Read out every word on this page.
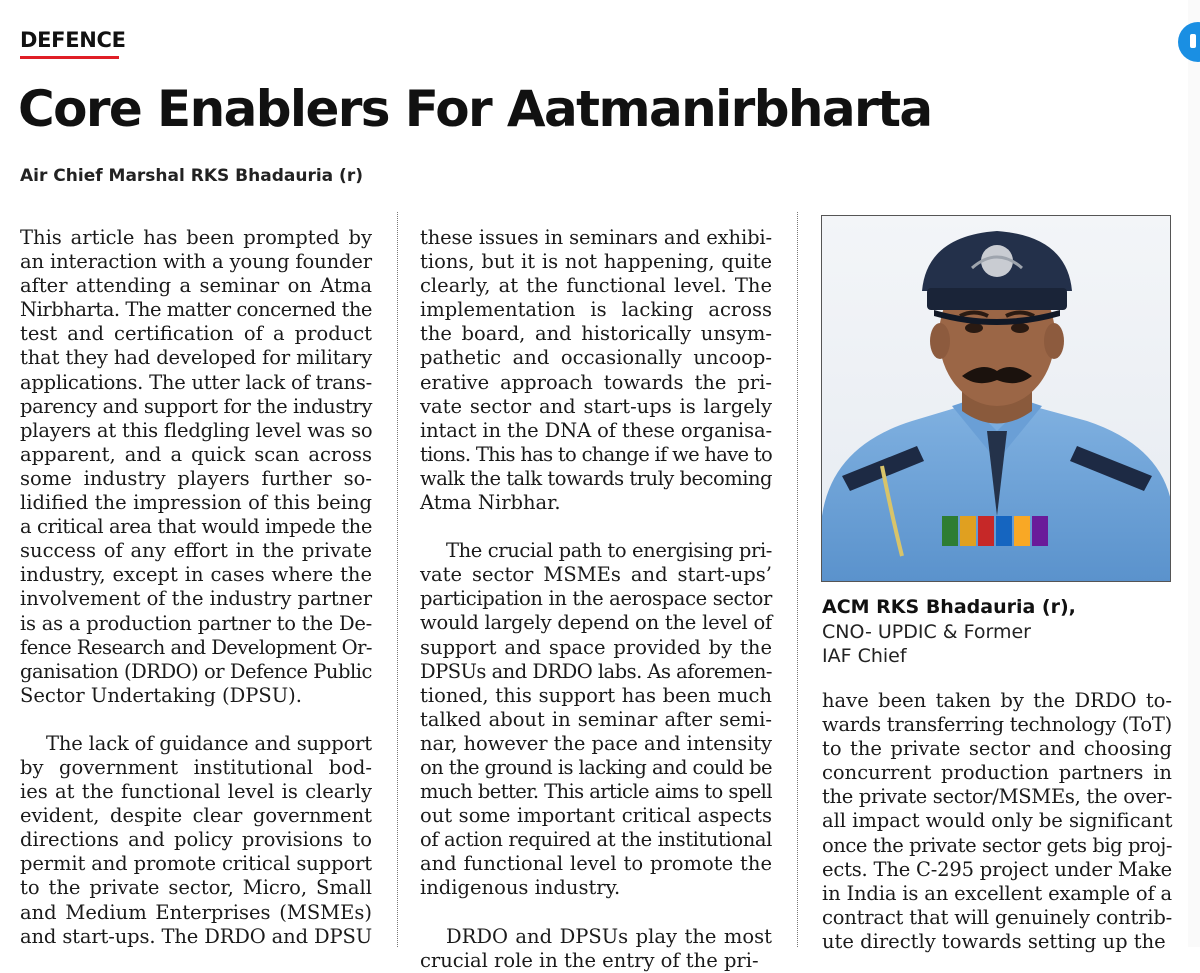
DEFENCE
Core Enablers For Aatmanirbharta
Air Chief Marshal RKS Bhadauria (r)

This article has been prompted by
an interaction with a young founder
after attending a seminar on Atma
Nirbharta. The matter concerned the
test and certification of a product
that they had developed for military
applications. The utter lack of trans-
parency and support for the industry
players at this fledgling level was so
apparent, and a quick scan across
some industry players further so-
lidified the impression of this being
a critical area that would impede the
success of any effort in the private
industry, except in cases where the
involvement of the industry partner
is as a production partner to the De-
fence Research and Development Or-
ganisation (DRDO) or Defence Public
Sector Undertaking (DPSU).

The lack of guidance and support
by government institutional bod-
ies at the functional level is clearly
evident, despite clear government
directions and policy provisions to
permit and promote critical support
to the private sector, Micro, Small
and Medium Enterprises (MSMEs)
and start-ups. The DRDO and DPSU

these issues in seminars and exhibi-
tions, but it is not happening, quite
clearly, at the functional level. The
implementation is lacking across
the board, and historically unsym-
pathetic and occasionally uncoop-
erative approach towards the pri-
vate sector and start-ups is largely
intact in the DNA of these organisa-
tions. This has to change if we have to
walk the talk towards truly becoming
Atma Nirbhar.

The crucial path to energising pri-
vate sector MSMEs and start-ups’
participation in the aerospace sector
would largely depend on the level of
support and space provided by the
DPSUs and DRDO labs. As aforemen-
tioned, this support has been much
talked about in seminar after semi-
nar, however the pace and intensity
on the ground is lacking and could be
much better. This article aims to spell
out some important critical aspects
of action required at the institutional
and functional level to promote the
indigenous industry.

DRDO and DPSUs play the most
crucial role in the entry of the pri-

ACM RKS Bhadauria (r),
CNO- UPDIC & Former
IAF Chief

have been taken by the DRDO to-
wards transferring technology (ToT)
to the private sector and choosing
concurrent production partners in
the private sector/MSMEs, the over-
all impact would only be significant
once the private sector gets big proj-
ects. The C-295 project under Make
in India is an excellent example of a
contract that will genuinely contrib-
ute directly towards setting up the
